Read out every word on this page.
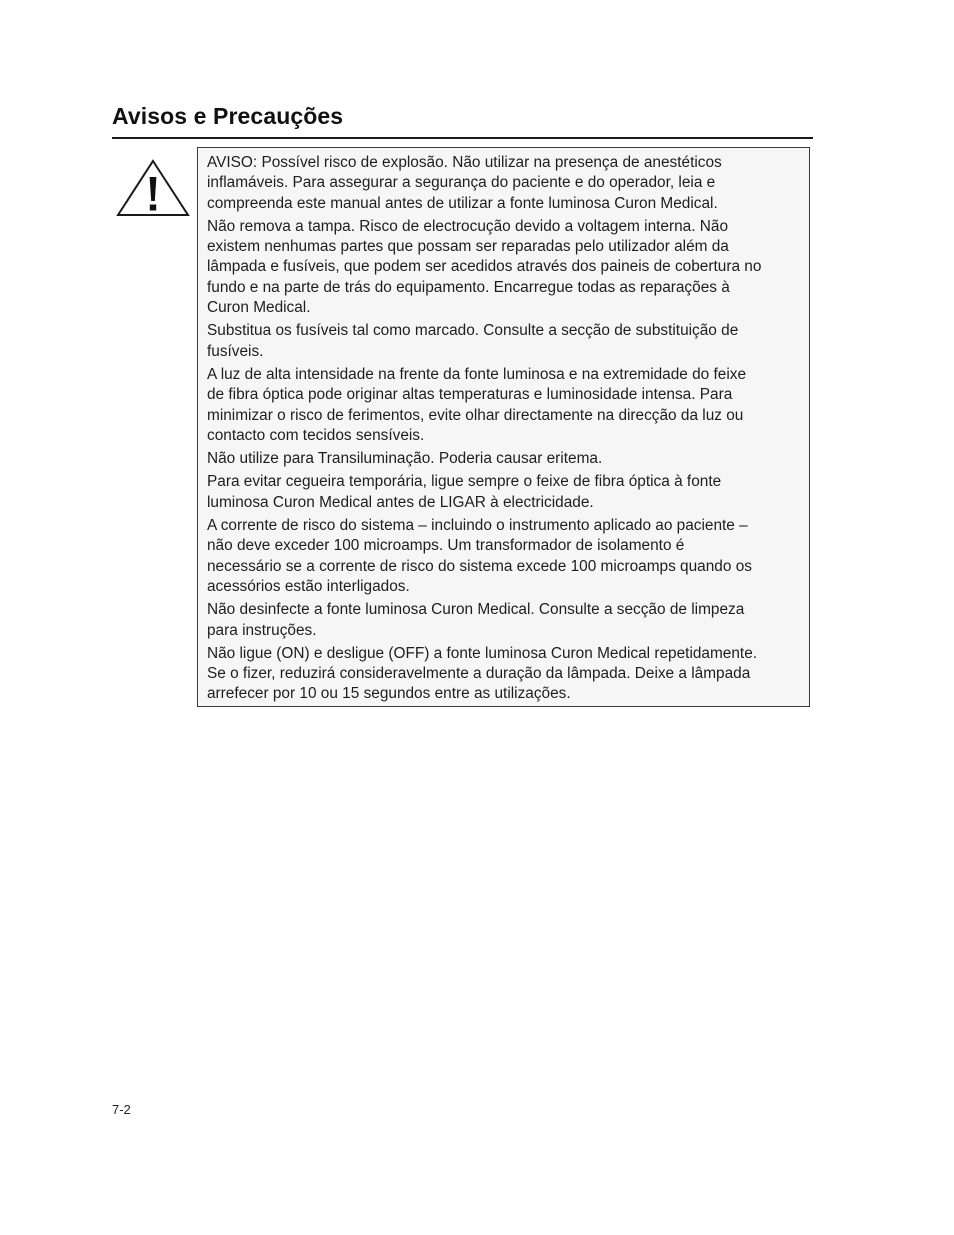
Avisos e Precauções

AVISO: Possível risco de explosão. Não utilizar na presença de anestéticos
inflamáveis. Para assegurar a segurança do paciente e do operador, leia e
compreenda este manual antes de utilizar a fonte luminosa Curon Medical.

Não remova a tampa. Risco de electrocução devido a voltagem interna. Não
existem nenhumas partes que possam ser reparadas pelo utilizador além da
lâmpada e fusíveis, que podem ser acedidos através dos paineis de cobertura no
fundo e na parte de trás do equipamento. Encarregue todas as reparações à
Curon Medical.

Substitua os fusíveis tal como marcado. Consulte a secção de substituição de
fusíveis.

A luz de alta intensidade na frente da fonte luminosa e na extremidade do feixe
de fibra óptica pode originar altas temperaturas e luminosidade intensa. Para
minimizar o risco de ferimentos, evite olhar directamente na direcção da luz ou
contacto com tecidos sensíveis.

Não utilize para Transiluminação. Poderia causar eritema.

Para evitar cegueira temporária, ligue sempre o feixe de fibra óptica à fonte
luminosa Curon Medical antes de LIGAR à electricidade.

A corrente de risco do sistema – incluindo o instrumento aplicado ao paciente –
não deve exceder 100 microamps. Um transformador de isolamento é
necessário se a corrente de risco do sistema excede 100 microamps quando os
acessórios estão interligados.

Não desinfecte a fonte luminosa Curon Medical. Consulte a secção de limpeza
para instruções.

Não ligue (ON) e desligue (OFF) a fonte luminosa Curon Medical repetidamente.
Se o fizer, reduzirá consideravelmente a duração da lâmpada. Deixe a lâmpada
arrefecer por 10 ou 15 segundos entre as utilizações.

7-2
